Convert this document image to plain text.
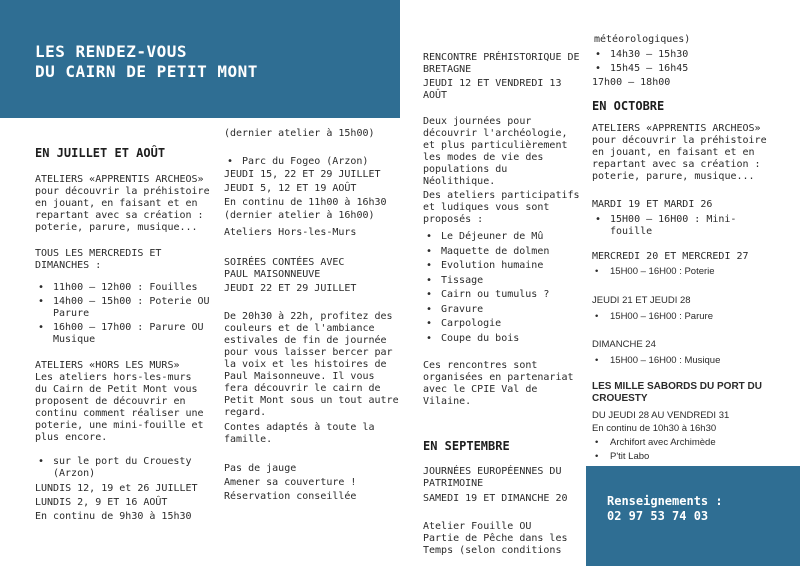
LES RENDEZ-VOUS
DU CAIRN DE PETIT MONT
EN JUILLET ET AOÛT
ATELIERS «APPRENTIS ARCHEOS»
pour découvrir la préhistoire
en jouant, en faisant et en
repartant avec sa création :
poterie, parure, musique...
TOUS LES MERCREDIS ET
DIMANCHES :
• 11h00 – 12h00 : Fouilles
• 14h00 – 15h00 : Poterie OU
Parure
• 16h00 – 17h00 : Parure OU
Musique
ATELIERS «HORS LES MURS»
Les ateliers hors-les-murs
du Cairn de Petit Mont vous
proposent de découvrir en
continu comment réaliser une
poterie, une mini-fouille et
plus encore.
• sur le port du Crouesty
(Arzon)
LUNDIS 12, 19 et 26 JUILLET
LUNDIS 2, 9 ET 16 AOÛT
En continu de 9h30 à 15h30
(dernier atelier à 15h00)
• Parc du Fogeo (Arzon)
JEUDI 15, 22 ET 29 JUILLET
JEUDI 5, 12 ET 19 AOÛT
En continu de 11h00 à 16h30
(dernier atelier à 16h00)
Ateliers Hors-les-Murs
SOIRÉES CONTÉES AVEC
PAUL MAISONNEUVE
JEUDI 22 ET 29 JUILLET
De 20h30 à 22h, profitez des
couleurs et de l'ambiance
estivales de fin de journée
pour vous laisser bercer par
la voix et les histoires de
Paul Maisonneuve. Il vous
fera découvrir le cairn de
Petit Mont sous un tout autre
regard.
Contes adaptés à toute la
famille.
Pas de jauge
Amener sa couverture !
Réservation conseillée
RENCONTRE PRÉHISTORIQUE DE
BRETAGNE
JEUDI 12 ET VENDREDI 13
AOÛT
Deux journées pour
découvrir l'archéologie,
et plus particulièrement
les modes de vie des
populations du Néolithique.
Des ateliers participatifs
et ludiques vous sont
proposés :
• Le Déjeuner de Mû
• Maquette de dolmen
• Evolution humaine
• Tissage
• Cairn ou tumulus ?
• Gravure
• Carpologie
• Coupe du bois
Ces rencontres sont
organisées en partenariat
avec le CPIE Val de
Vilaine.
EN SEPTEMBRE
JOURNÉES EUROPÉENNES DU
PATRIMOINE
SAMEDI 19 ET DIMANCHE 20
Atelier Fouille OU
Partie de Pêche dans les
Temps (selon conditions
météorologiques)
• 14h30 – 15h30
• 15h45 – 16h45
17h00 – 18h00
EN OCTOBRE
ATELIERS «APPRENTIS ARCHEOS»
pour découvrir la préhistoire
en jouant, en faisant et en
repartant avec sa création :
poterie, parure, musique...
MARDI 19 ET MARDI 26
• 15H00 – 16H00 : Mini-
fouille
MERCREDI 20 ET MERCREDI 27
• 15H00 – 16H00 : Poterie
JEUDI 21 ET JEUDI 28
• 15H00 – 16H00 : Parure
DIMANCHE 24
• 15H00 – 16H00 : Musique
LES MILLE SABORDS DU PORT DU
CROUESTY
DU JEUDI 28 AU VENDREDI 31
En continu de 10h30 à 16h30
• Archifort avec Archimède
• P'tit Labo
Renseignements :
02 97 53 74 03
